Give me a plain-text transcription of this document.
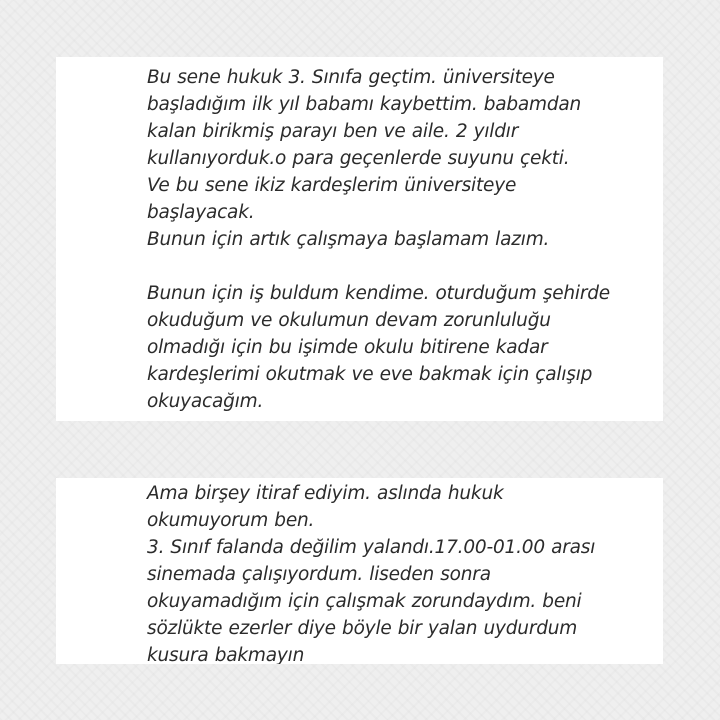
Bu sene hukuk 3. Sınıfa geçtim. üniversiteye
başladığım ilk yıl babamı kaybettim. babamdan
kalan birikmiş parayı ben ve aile. 2 yıldır
kullanıyorduk.o para geçenlerde suyunu çekti.
Ve bu sene ikiz kardeşlerim üniversiteye
başlayacak.
Bunun için artık çalışmaya başlamam lazım.
Bunun için iş buldum kendime. oturduğum şehirde
okuduğum ve okulumun devam zorunluluğu
olmadığı için bu işimde okulu bitirene kadar
kardeşlerimi okutmak ve eve bakmak için çalışıp
okuyacağım.
Ama birşey itiraf ediyim. aslında hukuk
okumuyorum ben.
3. Sınıf falanda değilim yalandı.17.00-01.00 arası
sinemada çalışıyordum. liseden sonra
okuyamadığım için çalışmak zorundaydım. beni
sözlükte ezerler diye böyle bir yalan uydurdum
kusura bakmayın
